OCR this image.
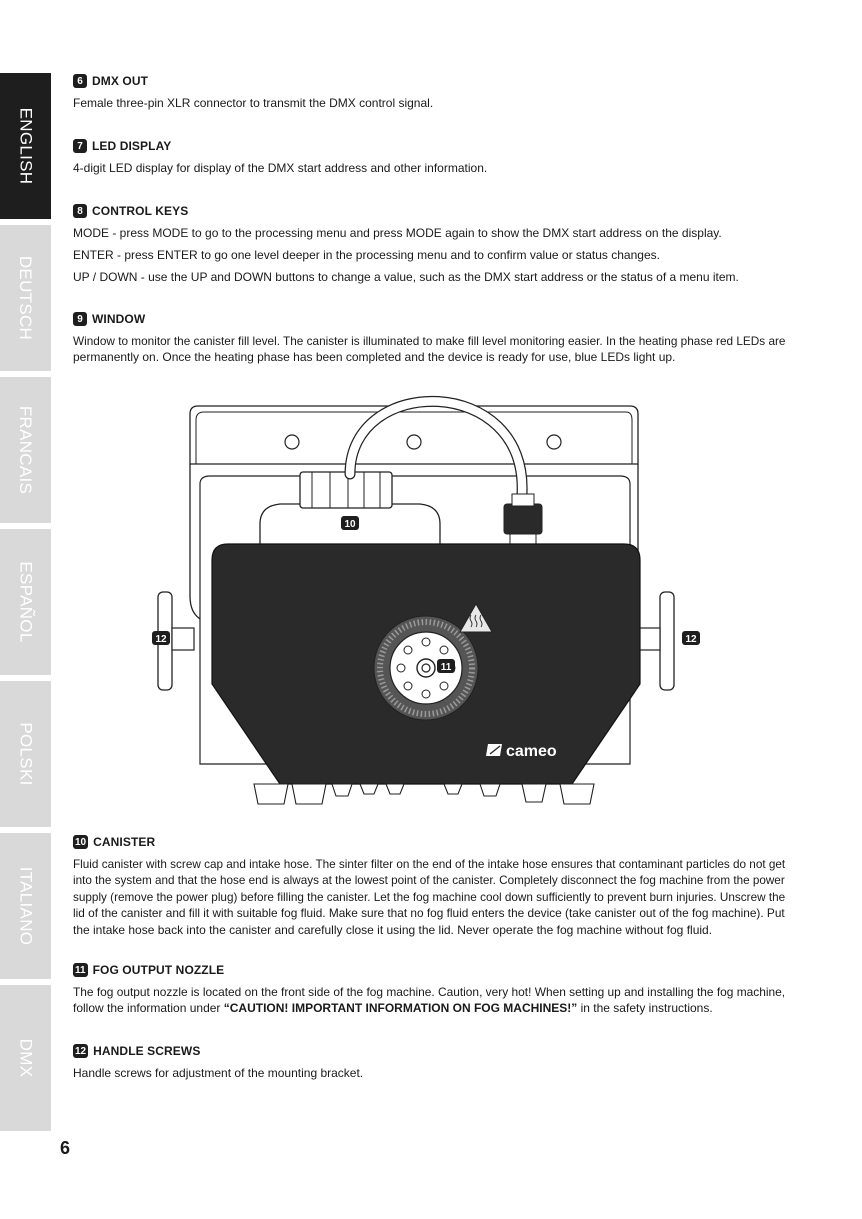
ENGLISH
DEUTSCH
FRANCAIS
ESPAÑOL
POLSKI
ITALIANO
DMX
6 DMX OUT

Female three-pin XLR connector to transmit the DMX control signal.

7 LED DISPLAY

4-digit LED display for display of the DMX start address and other information.

8 CONTROL KEYS

MODE - press MODE to go to the processing menu and press MODE again to show the DMX start address on the display.

ENTER - press ENTER to go one level deeper in the processing menu and to confirm value or status changes.

UP / DOWN - use the UP and DOWN buttons to change a value, such as the DMX start address or the status of a menu item.

9 WINDOW

Window to monitor the canister fill level. The canister is illuminated to make fill level monitoring easier. In the heating phase red LEDs are

permanently on. Once the heating phase has been completed and the device is ready for use, blue LEDs light up.

cameo
10
11
12	12
10 CANISTER

Fluid canister with screw cap and intake hose. The sinter filter on the end of the intake hose ensures that contaminant particles do not get

into the system and that the hose end is always at the lowest point of the canister. Completely disconnect the fog machine from the power

supply (remove the power plug) before filling the canister. Let the fog machine cool down sufficiently to prevent burn injuries. Unscrew the

lid of the canister and fill it with suitable fog fluid. Make sure that no fog fluid enters the device (take canister out of the fog machine). Put

the intake hose back into the canister and carefully close it using the lid. Never operate the fog machine without fog fluid.

11 FOG OUTPUT NOZZLE

The fog output nozzle is located on the front side of the fog machine. Caution, very hot! When setting up and installing the fog machine,

follow the information under “CAUTION! IMPORTANT INFORMATION ON FOG MACHINES!” in the safety instructions.

12 HANDLE SCREWS

Handle screws for adjustment of the mounting bracket.

6
